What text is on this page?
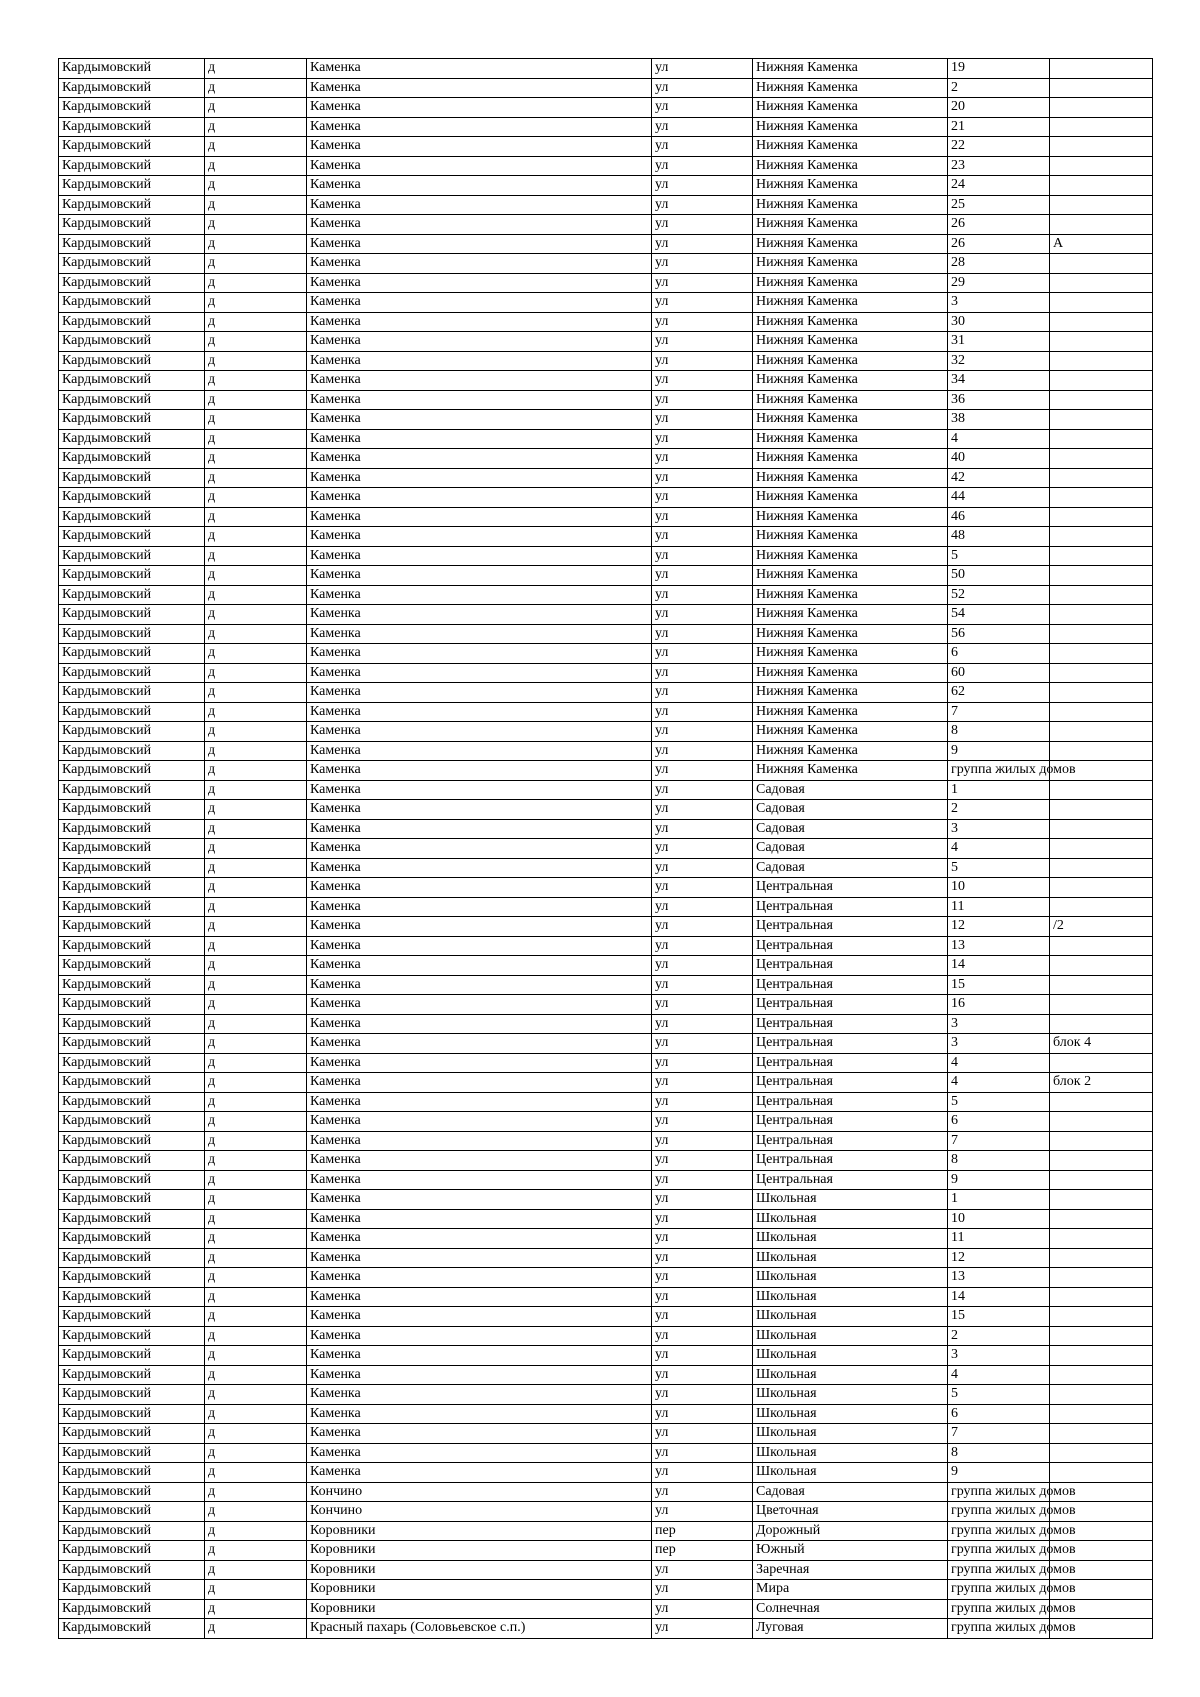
Кардымовский	д	Каменка	ул	Нижняя Каменка	19	
Кардымовский	д	Каменка	ул	Нижняя Каменка	2	
Кардымовский	д	Каменка	ул	Нижняя Каменка	20	
Кардымовский	д	Каменка	ул	Нижняя Каменка	21	
Кардымовский	д	Каменка	ул	Нижняя Каменка	22	
Кардымовский	д	Каменка	ул	Нижняя Каменка	23	
Кардымовский	д	Каменка	ул	Нижняя Каменка	24	
Кардымовский	д	Каменка	ул	Нижняя Каменка	25	
Кардымовский	д	Каменка	ул	Нижняя Каменка	26	
Кардымовский	д	Каменка	ул	Нижняя Каменка	26	А
Кардымовский	д	Каменка	ул	Нижняя Каменка	28	
Кардымовский	д	Каменка	ул	Нижняя Каменка	29	
Кардымовский	д	Каменка	ул	Нижняя Каменка	3	
Кардымовский	д	Каменка	ул	Нижняя Каменка	30	
Кардымовский	д	Каменка	ул	Нижняя Каменка	31	
Кардымовский	д	Каменка	ул	Нижняя Каменка	32	
Кардымовский	д	Каменка	ул	Нижняя Каменка	34	
Кардымовский	д	Каменка	ул	Нижняя Каменка	36	
Кардымовский	д	Каменка	ул	Нижняя Каменка	38	
Кардымовский	д	Каменка	ул	Нижняя Каменка	4	
Кардымовский	д	Каменка	ул	Нижняя Каменка	40	
Кардымовский	д	Каменка	ул	Нижняя Каменка	42	
Кардымовский	д	Каменка	ул	Нижняя Каменка	44	
Кардымовский	д	Каменка	ул	Нижняя Каменка	46	
Кардымовский	д	Каменка	ул	Нижняя Каменка	48	
Кардымовский	д	Каменка	ул	Нижняя Каменка	5	
Кардымовский	д	Каменка	ул	Нижняя Каменка	50	
Кардымовский	д	Каменка	ул	Нижняя Каменка	52	
Кардымовский	д	Каменка	ул	Нижняя Каменка	54	
Кардымовский	д	Каменка	ул	Нижняя Каменка	56	
Кардымовский	д	Каменка	ул	Нижняя Каменка	6	
Кардымовский	д	Каменка	ул	Нижняя Каменка	60	
Кардымовский	д	Каменка	ул	Нижняя Каменка	62	
Кардымовский	д	Каменка	ул	Нижняя Каменка	7	
Кардымовский	д	Каменка	ул	Нижняя Каменка	8	
Кардымовский	д	Каменка	ул	Нижняя Каменка	9	
Кардымовский	д	Каменка	ул	Нижняя Каменка	группа жилых домов	
Кардымовский	д	Каменка	ул	Садовая	1	
Кардымовский	д	Каменка	ул	Садовая	2	
Кардымовский	д	Каменка	ул	Садовая	3	
Кардымовский	д	Каменка	ул	Садовая	4	
Кардымовский	д	Каменка	ул	Садовая	5	
Кардымовский	д	Каменка	ул	Центральная	10	
Кардымовский	д	Каменка	ул	Центральная	11	
Кардымовский	д	Каменка	ул	Центральная	12	/2
Кардымовский	д	Каменка	ул	Центральная	13	
Кардымовский	д	Каменка	ул	Центральная	14	
Кардымовский	д	Каменка	ул	Центральная	15	
Кардымовский	д	Каменка	ул	Центральная	16	
Кардымовский	д	Каменка	ул	Центральная	3	
Кардымовский	д	Каменка	ул	Центральная	3	блок 4
Кардымовский	д	Каменка	ул	Центральная	4	
Кардымовский	д	Каменка	ул	Центральная	4	блок 2
Кардымовский	д	Каменка	ул	Центральная	5	
Кардымовский	д	Каменка	ул	Центральная	6	
Кардымовский	д	Каменка	ул	Центральная	7	
Кардымовский	д	Каменка	ул	Центральная	8	
Кардымовский	д	Каменка	ул	Центральная	9	
Кардымовский	д	Каменка	ул	Школьная	1	
Кардымовский	д	Каменка	ул	Школьная	10	
Кардымовский	д	Каменка	ул	Школьная	11	
Кардымовский	д	Каменка	ул	Школьная	12	
Кардымовский	д	Каменка	ул	Школьная	13	
Кардымовский	д	Каменка	ул	Школьная	14	
Кардымовский	д	Каменка	ул	Школьная	15	
Кардымовский	д	Каменка	ул	Школьная	2	
Кардымовский	д	Каменка	ул	Школьная	3	
Кардымовский	д	Каменка	ул	Школьная	4	
Кардымовский	д	Каменка	ул	Школьная	5	
Кардымовский	д	Каменка	ул	Школьная	6	
Кардымовский	д	Каменка	ул	Школьная	7	
Кардымовский	д	Каменка	ул	Школьная	8	
Кардымовский	д	Каменка	ул	Школьная	9	
Кардымовский	д	Кончино	ул	Садовая	группа жилых домов	
Кардымовский	д	Кончино	ул	Цветочная	группа жилых домов	
Кардымовский	д	Коровники	пер	Дорожный	группа жилых домов	
Кардымовский	д	Коровники	пер	Южный	группа жилых домов	
Кардымовский	д	Коровники	ул	Заречная	группа жилых домов	
Кардымовский	д	Коровники	ул	Мира	группа жилых домов	
Кардымовский	д	Коровники	ул	Солнечная	группа жилых домов	
Кардымовский	д	Красный пахарь (Соловьевское с.п.)	ул	Луговая	группа жилых домов	
